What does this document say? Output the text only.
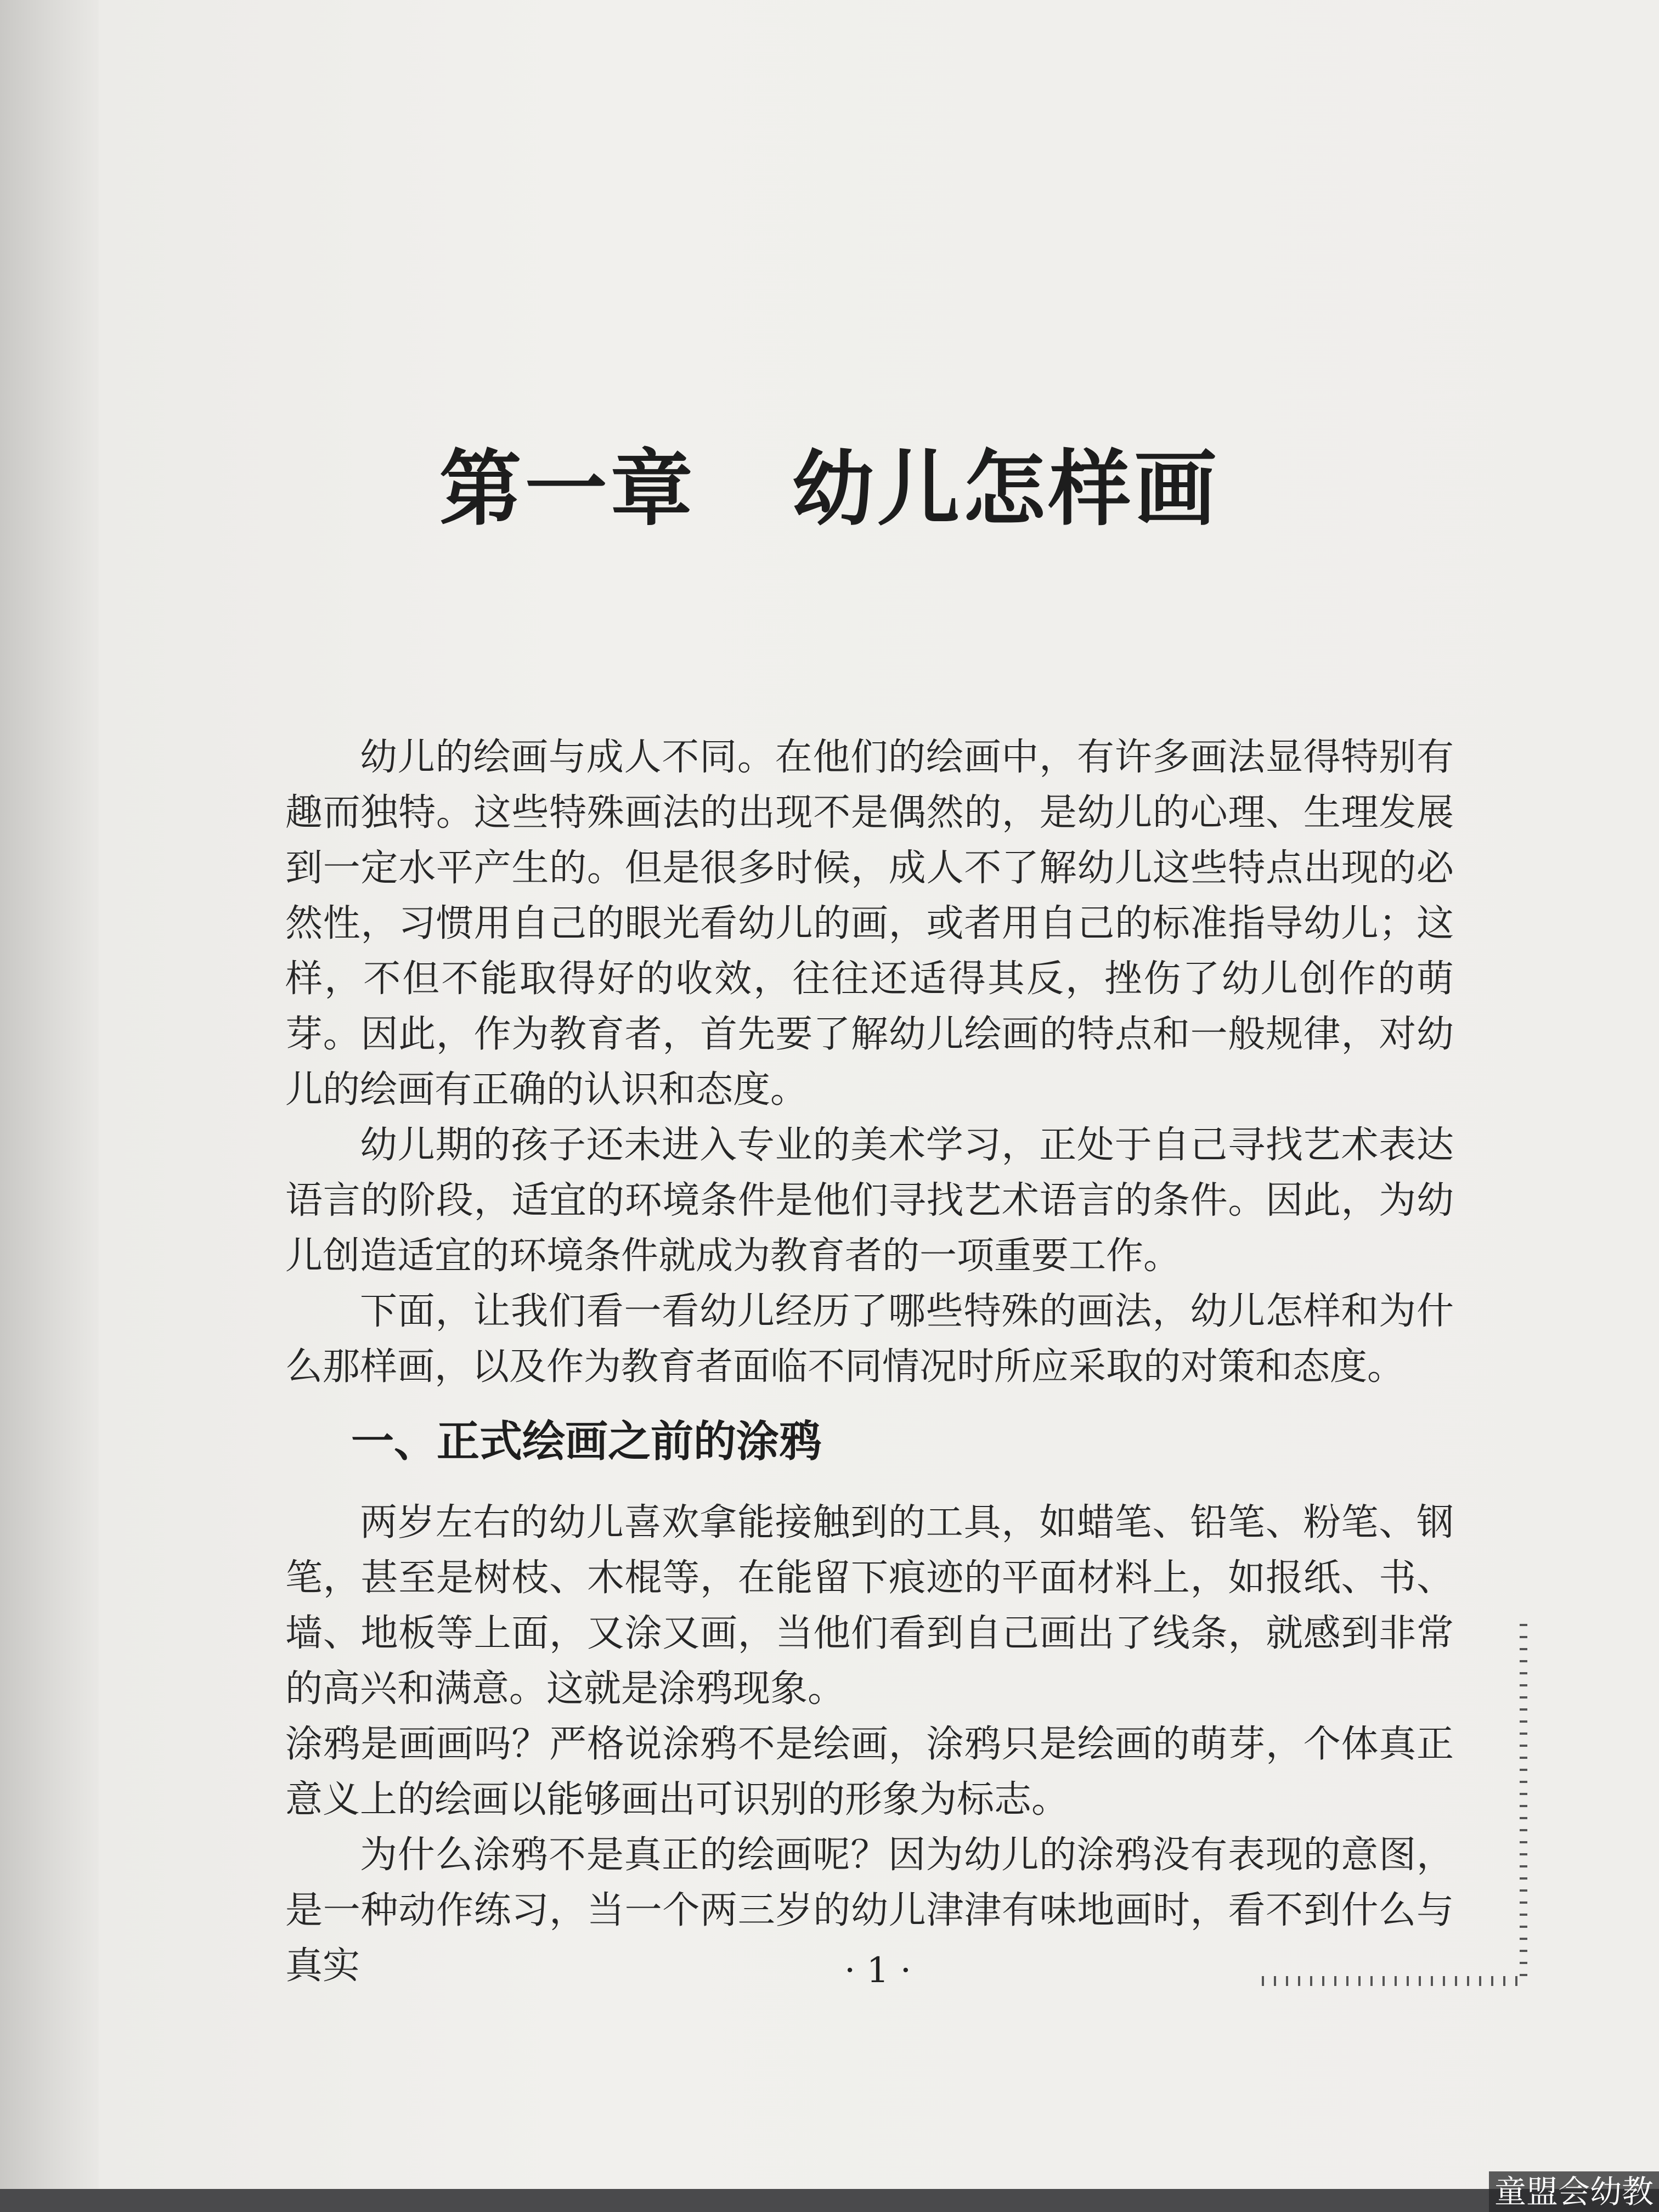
第一章   幼儿怎样画

幼儿的绘画与成人不同。在他们的绘画中，有许多画法显得特别有趣而独特。这些特殊画法的出现不是偶然的，是幼儿的心理、生理发展到一定水平产生的。但是很多时候，成人不了解幼儿这些特点出现的必然性，习惯用自己的眼光看幼儿的画，或者用自己的标准指导幼儿；这样，不但不能取得好的收效，往往还适得其反，挫伤了幼儿创作的萌芽。因此，作为教育者，首先要了解幼儿绘画的特点和一般规律，对幼儿的绘画有正确的认识和态度。

幼儿期的孩子还未进入专业的美术学习，正处于自己寻找艺术表达语言的阶段，适宜的环境条件是他们寻找艺术语言的条件。因此，为幼儿创造适宜的环境条件就成为教育者的一项重要工作。

下面，让我们看一看幼儿经历了哪些特殊的画法，幼儿怎样和为什么那样画，以及作为教育者面临不同情况时所应采取的对策和态度。

一、正式绘画之前的涂鸦

两岁左右的幼儿喜欢拿能接触到的工具，如蜡笔、铅笔、粉笔、钢笔，甚至是树枝、木棍等，在能留下痕迹的平面材料上，如报纸、书、墙、地板等上面，又涂又画，当他们看到自己画出了线条，就感到非常的高兴和满意。这就是涂鸦现象。

涂鸦是画画吗？严格说涂鸦不是绘画，涂鸦只是绘画的萌芽，个体真正意义上的绘画以能够画出可识别的形象为标志。

为什么涂鸦不是真正的绘画呢？因为幼儿的涂鸦没有表现的意图，是一种动作练习，当一个两三岁的幼儿津津有味地画时，看不到什么与真实	· 1 ·
童盟会幼教
